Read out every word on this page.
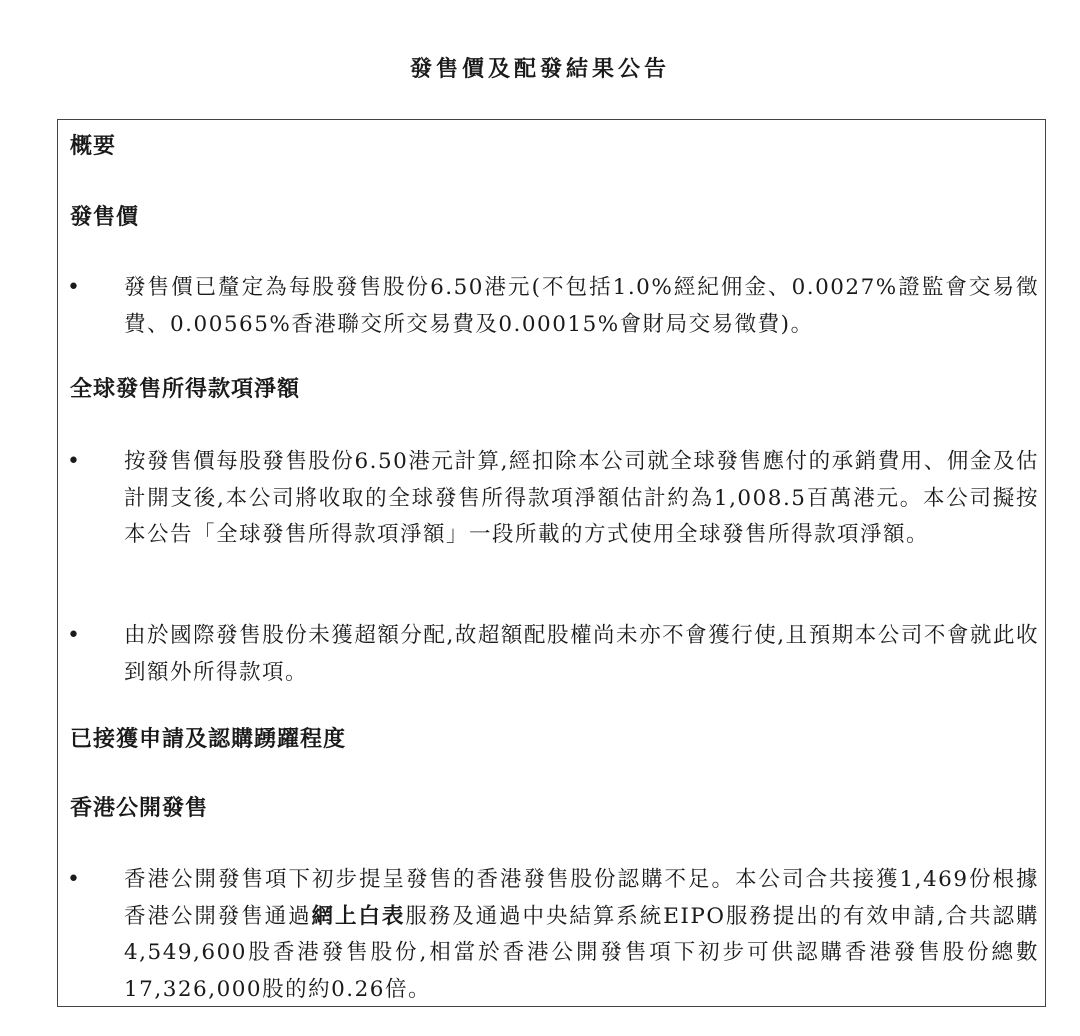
發售價及配發結果公告
概要
發售價
• 發售價已釐定為每股發售股份6.50港元(不包括1.0%經紀佣金、0.0027%證監會交易徵費、0.00565%香港聯交所交易費及0.00015%會財局交易徵費)。

全球發售所得款項淨額
• 按發售價每股發售股份6.50港元計算,經扣除本公司就全球發售應付的承銷費用、佣金及估計開支後,本公司將收取的全球發售所得款項淨額估計約為1,008.5百萬港元。本公司擬按本公告「全球發售所得款項淨額」一段所載的方式使用全球發售所得款項淨額。

• 由於國際發售股份未獲超額分配,故超額配股權尚未亦不會獲行使,且預期本公司不會就此收到額外所得款項。

已接獲申請及認購踴躍程度
香港公開發售
• 香港公開發售項下初步提呈發售的香港發售股份認購不足。本公司合共接獲1,469份根據香港公開發售通過網上白表服務及通過中央結算系統EIPO服務提出的有效申請,合共認購4,549,600股香港發售股份,相當於香港公開發售項下初步可供認購香港發售股份總數17,326,000股的約0.26倍。
